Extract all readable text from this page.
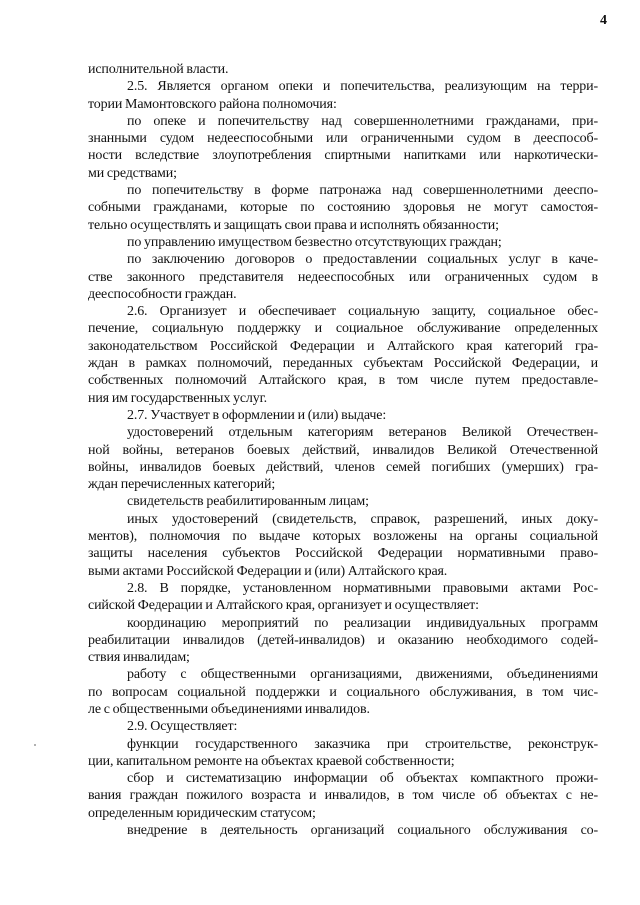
4
исполнительной власти.
2.5. Является органом опеки и попечительства, реализующим на терри-
тории Мамонтовского района полномочия:
по опеке и попечительству над совершеннолетними гражданами, при-
знанными судом недееспособными или ограниченными судом в дееспособ-
ности вследствие злоупотребления спиртными напитками или наркотически-
ми средствами;
по попечительству в форме патронажа над совершеннолетними дееспо-
собными гражданами, которые по состоянию здоровья не могут самостоя-
тельно осуществлять и защищать свои права и исполнять обязанности;
по управлению имуществом безвестно отсутствующих граждан;
по заключению договоров о предоставлении социальных услуг в каче-
стве законного представителя недееспособных или ограниченных судом в
дееспособности граждан.
2.6. Организует и обеспечивает социальную защиту, социальное обес-
печение, социальную поддержку и социальное обслуживание определенных
законодательством Российской Федерации и Алтайского края категорий гра-
ждан в рамках полномочий, переданных субъектам Российской Федерации, и
собственных полномочий Алтайского края, в том числе путем предоставле-
ния им государственных услуг.
2.7. Участвует в оформлении и (или) выдаче:
удостоверений отдельным категориям ветеранов Великой Отечествен-
ной войны, ветеранов боевых действий, инвалидов Великой Отечественной
войны, инвалидов боевых действий, членов семей погибших (умерших) гра-
ждан перечисленных категорий;
свидетельств реабилитированным лицам;
иных удостоверений (свидетельств, справок, разрешений, иных доку-
ментов), полномочия по выдаче которых возложены на органы социальной
защиты населения субъектов Российской Федерации нормативными право-
выми актами Российской Федерации и (или) Алтайского края.
2.8. В порядке, установленном нормативными правовыми актами Рос-
сийской Федерации и Алтайского края, организует и осуществляет:
координацию мероприятий по реализации индивидуальных программ
реабилитации инвалидов (детей-инвалидов) и оказанию необходимого содей-
ствия инвалидам;
работу с общественными организациями, движениями, объединениями
по вопросам социальной поддержки и социального обслуживания, в том чис-
ле с общественными объединениями инвалидов.
2.9. Осуществляет:
функции государственного заказчика при строительстве, реконструк-
ции, капитальном ремонте на объектах краевой собственности;
сбор и систематизацию информации об объектах компактного прожи-
вания граждан пожилого возраста и инвалидов, в том числе об объектах с не-
определенным юридическим статусом;
внедрение в деятельность организаций социального обслуживания со-
